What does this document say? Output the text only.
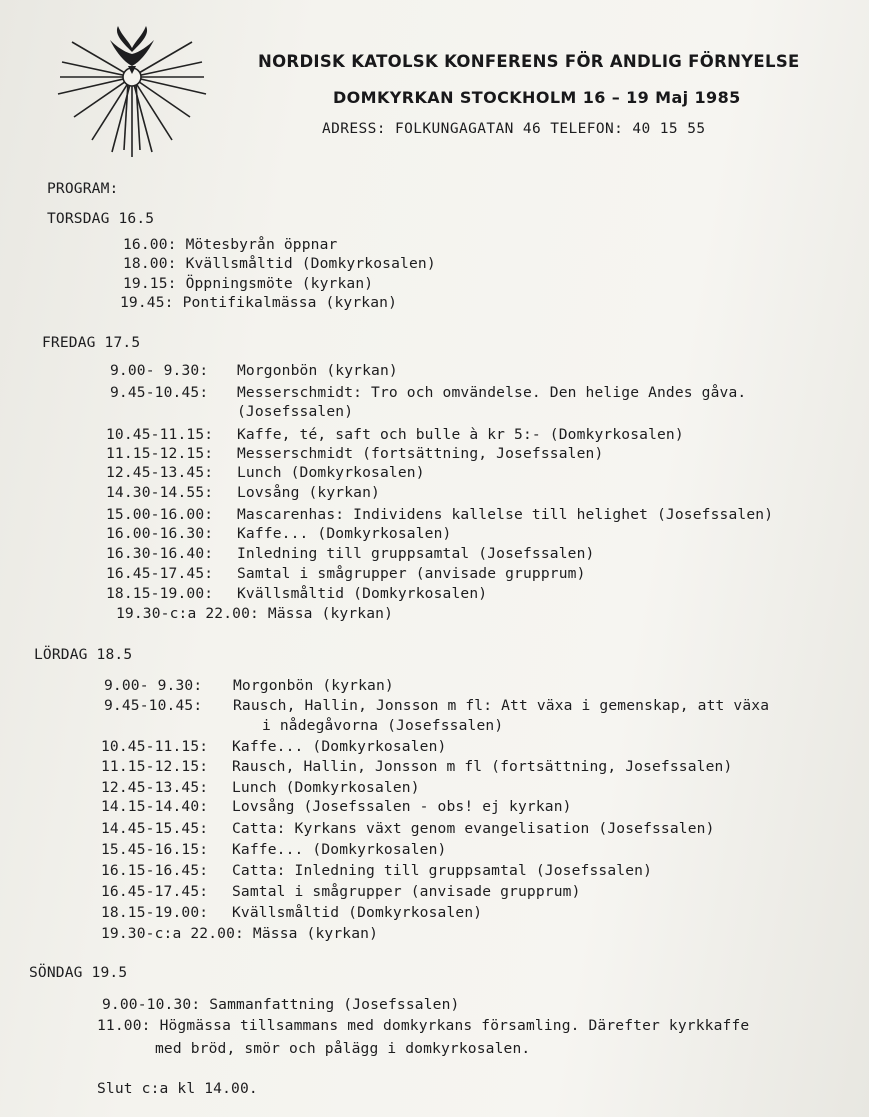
NORDISK KATOLSK KONFERENS FÖR ANDLIG FÖRNYELSE
DOMKYRKAN STOCKHOLM 16 – 19 Maj 1985
ADRESS: FOLKUNGAGATAN 46 TELEFON: 40 15 55
PROGRAM:
TORSDAG 16.5
16.00: Mötesbyrån öppnar
18.00: Kvällsmåltid (Domkyrkosalen)
19.15: Öppningsmöte (kyrkan)
19.45: Pontifikalmässa (kyrkan)
FREDAG 17.5
9.00- 9.30: Morgonbön (kyrkan)
9.45-10.45: Messerschmidt: Tro och omvändelse. Den helige Andes gåva.
(Josefssalen)
10.45-11.15: Kaffe, té, saft och bulle à kr 5:- (Domkyrkosalen)
11.15-12.15: Messerschmidt (fortsättning, Josefssalen)
12.45-13.45: Lunch (Domkyrkosalen)
14.30-14.55: Lovsång (kyrkan)
15.00-16.00: Mascarenhas: Individens kallelse till helighet (Josefssalen)
16.00-16.30: Kaffe... (Domkyrkosalen)
16.30-16.40: Inledning till gruppsamtal (Josefssalen)
16.45-17.45: Samtal i smågrupper (anvisade grupprum)
18.15-19.00: Kvällsmåltid (Domkyrkosalen)
19.30-c:a 22.00: Mässa (kyrkan)
LÖRDAG 18.5
9.00- 9.30: Morgonbön (kyrkan)
9.45-10.45: Rausch, Hallin, Jonsson m fl: Att växa i gemenskap, att växa
i nådegåvorna (Josefssalen)
10.45-11.15: Kaffe... (Domkyrkosalen)
11.15-12.15: Rausch, Hallin, Jonsson m fl (fortsättning, Josefssalen)
12.45-13.45: Lunch (Domkyrkosalen)
14.15-14.40: Lovsång (Josefssalen - obs! ej kyrkan)
14.45-15.45: Catta: Kyrkans växt genom evangelisation (Josefssalen)
15.45-16.15: Kaffe... (Domkyrkosalen)
16.15-16.45: Catta: Inledning till gruppsamtal (Josefssalen)
16.45-17.45: Samtal i smågrupper (anvisade grupprum)
18.15-19.00: Kvällsmåltid (Domkyrkosalen)
19.30-c:a 22.00: Mässa (kyrkan)
SÖNDAG 19.5
9.00-10.30: Sammanfattning (Josefssalen)
11.00: Högmässa tillsammans med domkyrkans församling. Därefter kyrkkaffe
med bröd, smör och pålägg i domkyrkosalen.
Slut c:a kl 14.00.
